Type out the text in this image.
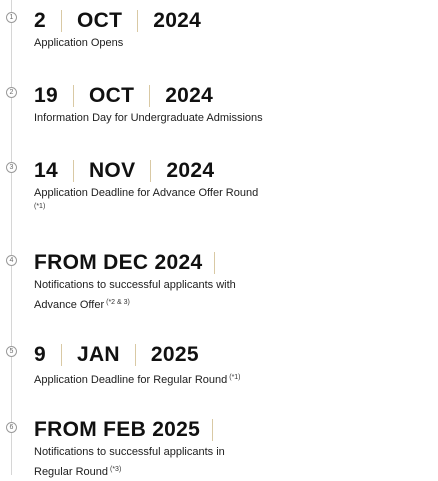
1 2 OCT 2024
Application Opens
2 19 OCT 2024
Information Day for Undergraduate Admissions
3 14 NOV 2024
Application Deadline for Advance Offer Round
(*1)
4 FROM DEC 2024
Notifications to successful applicants with
Advance Offer $^{(*2 \& 3)}$
5 9 JAN 2025
Application Deadline for Regular Round $^{(*1)}$
6 FROM FEB 2025
Notifications to successful applicants in
Regular Round $^{(*3)}$
